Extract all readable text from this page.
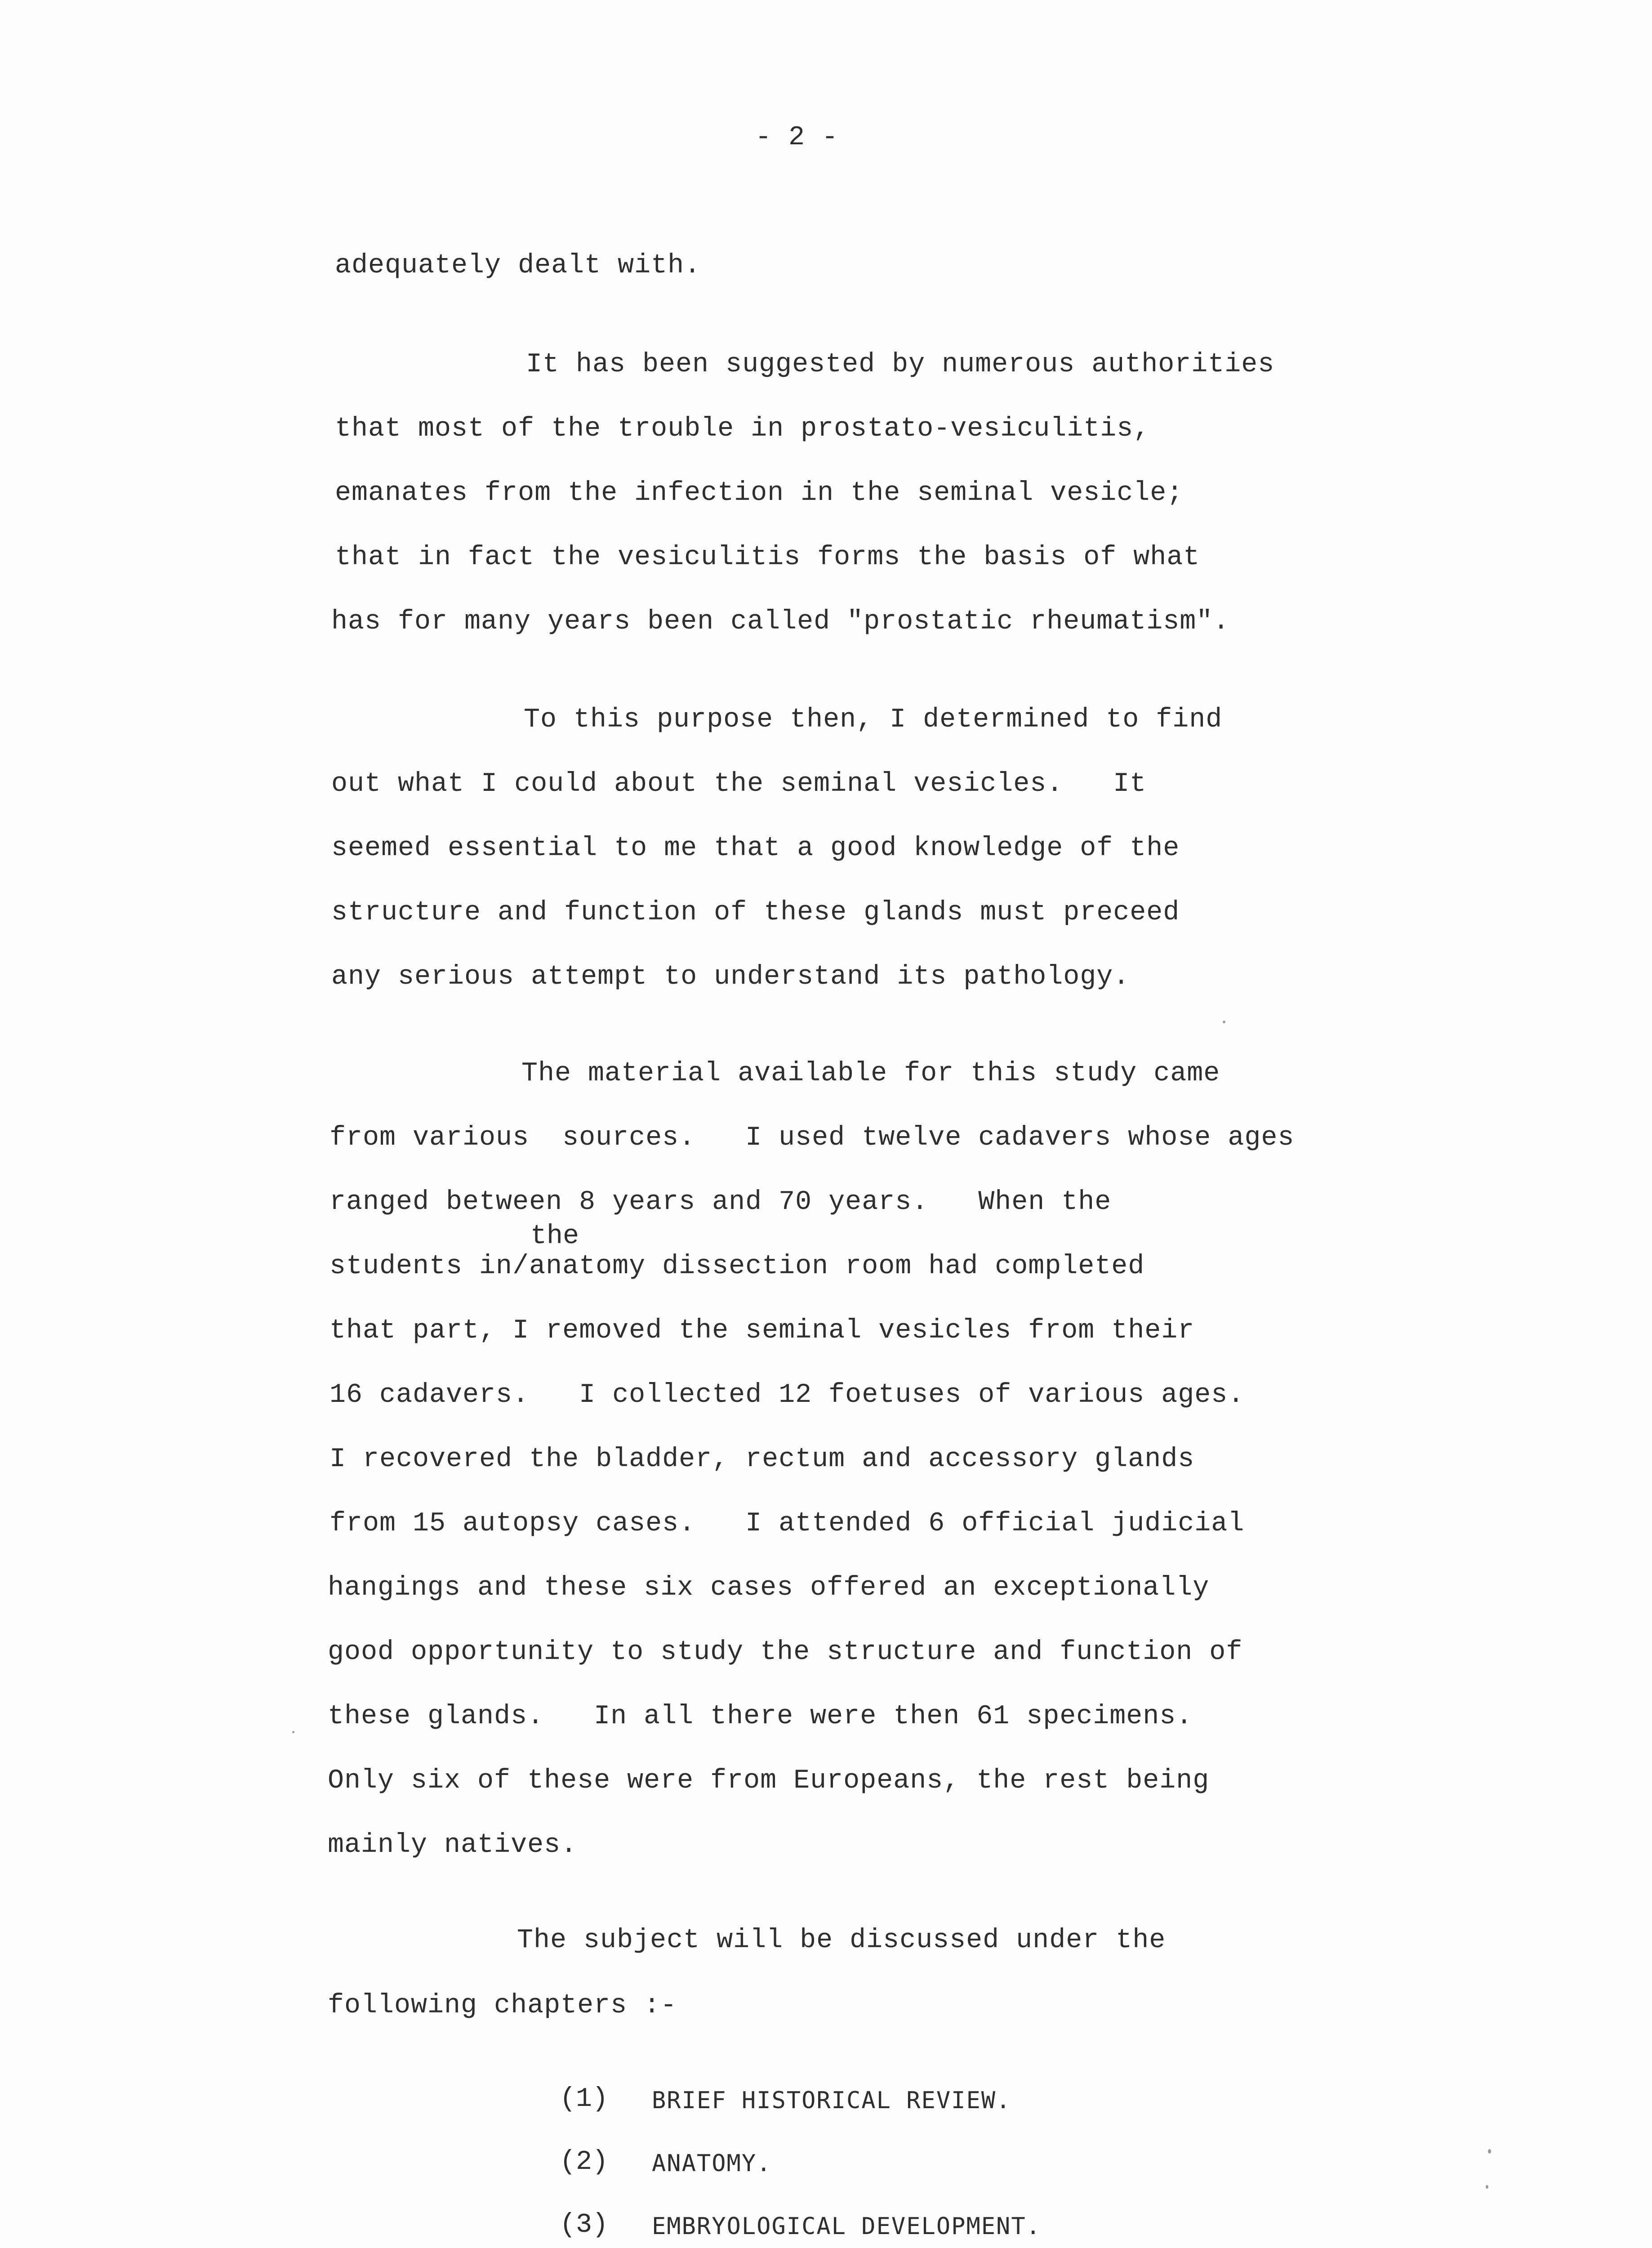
- 2 -
adequately dealt with.
It has been suggested by numerous authorities
that most of the trouble in prostato-vesiculitis,
emanates from the infection in the seminal vesicle;
that in fact the vesiculitis forms the basis of what
has for many years been called "prostatic rheumatism".
To this purpose then, I determined to find
out what I could about the seminal vesicles.   It
seemed essential to me that a good knowledge of the
structure and function of these glands must preceed
any serious attempt to understand its pathology.
The material available for this study came
from various  sources.   I used twelve cadavers whose ages
ranged between 8 years and 70 years.   When the
the
students in/anatomy dissection room had completed
that part, I removed the seminal vesicles from their
16 cadavers.   I collected 12 foetuses of various ages.
I recovered the bladder, rectum and accessory glands
from 15 autopsy cases.   I attended 6 official judicial
hangings and these six cases offered an exceptionally
good opportunity to study the structure and function of
these glands.   In all there were then 61 specimens.
Only six of these were from Europeans, the rest being
mainly natives.
The subject will be discussed under the
following chapters :-
(1) BRIEF HISTORICAL REVIEW.
(2) ANATOMY.
(3) EMBRYOLOGICAL DEVELOPMENT.
